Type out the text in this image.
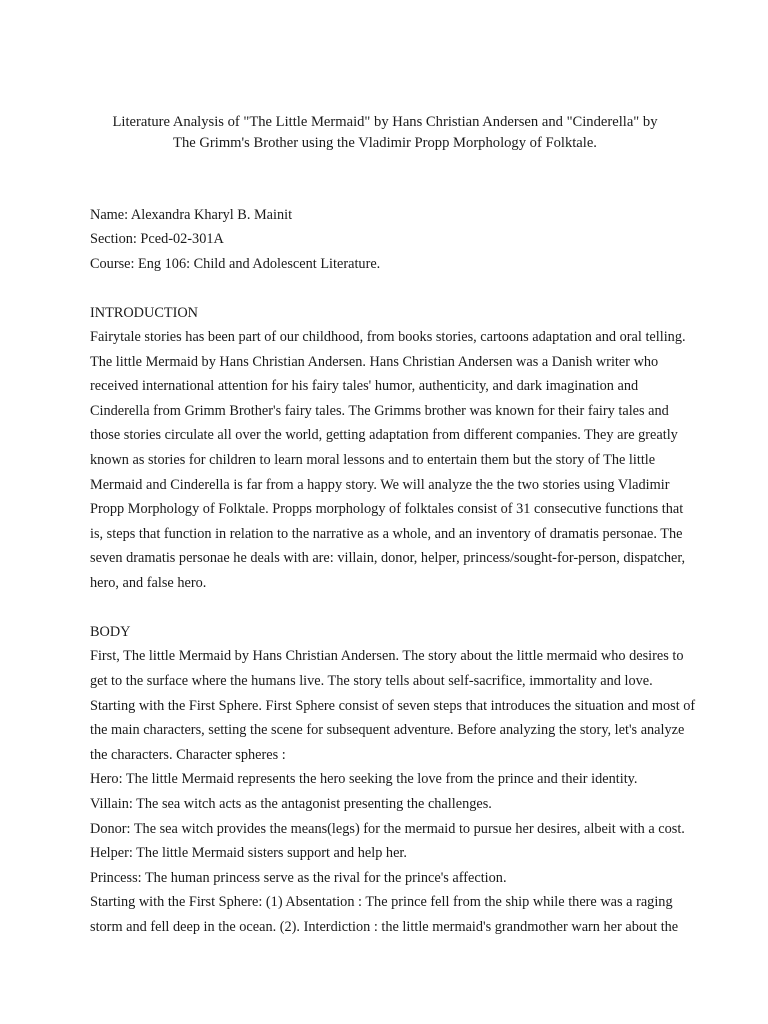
Literature Analysis of "The Little Mermaid" by Hans Christian Andersen and "Cinderella" by
The Grimm's Brother using the Vladimir Propp Morphology of Folktale.
Name: Alexandra Kharyl B. Mainit
Section: Pced-02-301A
Course: Eng 106: Child and Adolescent Literature.
INTRODUCTION
Fairytale stories has been part of our childhood, from books stories, cartoons adaptation and oral telling.
The little Mermaid by Hans Christian Andersen. Hans Christian Andersen was a Danish writer who
received international attention for his fairy tales' humor, authenticity, and dark imagination and
Cinderella from Grimm Brother's fairy tales. The Grimms brother was known for their fairy tales and
those stories circulate all over the world, getting adaptation from different companies. They are greatly
known as stories for children to learn moral lessons and to entertain them but the story of The little
Mermaid and Cinderella is far from a happy story. We will analyze the the two stories using Vladimir
Propp Morphology of Folktale. Propps morphology of folktales consist of 31 consecutive functions that
is, steps that function in relation to the narrative as a whole, and an inventory of dramatis personae. The
seven dramatis personae he deals with are: villain, donor, helper, princess/sought-for-person, dispatcher,
hero, and false hero.
BODY
First, The little Mermaid by Hans Christian Andersen. The story about the little mermaid who desires to
get to the surface where the humans live. The story tells about self-sacrifice, immortality and love.
Starting with the First Sphere. First Sphere consist of seven steps that introduces the situation and most of
the main characters, setting the scene for subsequent adventure. Before analyzing the story, let's analyze
the characters. Character spheres :
Hero: The little Mermaid represents the hero seeking the love from the prince and their identity.
Villain: The sea witch acts as the antagonist presenting the challenges.
Donor: The sea witch provides the means(legs) for the mermaid to pursue her desires, albeit with a cost.
Helper: The little Mermaid sisters support and help her.
Princess: The human princess serve as the rival for the prince's affection.
Starting with the First Sphere: (1) Absentation : The prince fell from the ship while there was a raging
storm and fell deep in the ocean. (2). Interdiction : the little mermaid's grandmother warn her about the
